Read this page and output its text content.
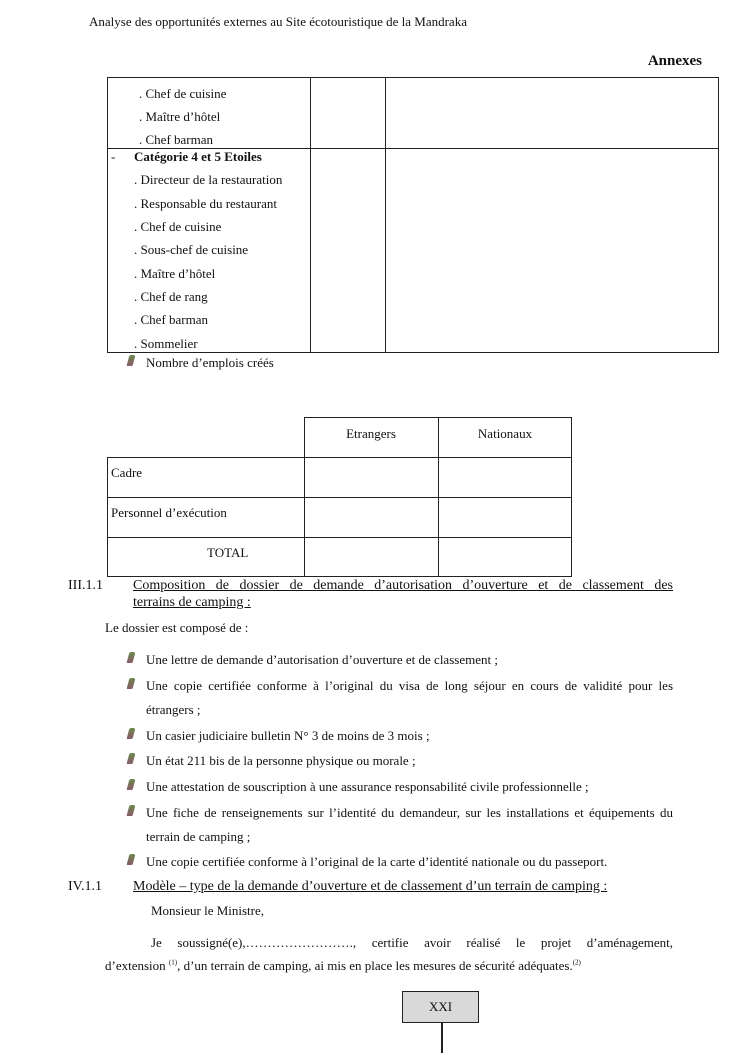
Analyse des opportunités externes au Site écotouristique de la Mandraka
Annexes
. Chef de cuisine
. Maître d’hôtel
. Chef barman
- Catégorie 4 et 5 Etoiles
. Directeur de la restauration
. Responsable du restaurant
. Chef de cuisine
. Sous-chef de cuisine
. Maître d’hôtel
. Chef de rang
. Chef barman
. Sommelier
Nombre d’emplois créés
Etrangers	Nationaux
Cadre
Personnel d’exécution
TOTAL
III.1.1 Composition de dossier de demande d’autorisation d’ouverture et de classement des
terrains de camping :
Le dossier est composé de :
Une lettre de demande d’autorisation d’ouverture et de classement ;
Une copie certifiée conforme à l’original du visa de long séjour en cours de validité pour les
étrangers ;
Un casier judiciaire bulletin N° 3 de moins de 3 mois ;
Un état 211 bis de la personne physique ou morale ;
Une attestation de souscription à une assurance responsabilité civile professionnelle ;
Une fiche de renseignements sur l’identité du demandeur, sur les installations et équipements du
terrain de camping ;
Une copie certifiée conforme à l’original de la carte d’identité nationale ou du passeport.
IV.1.1 Modèle – type de la demande d’ouverture et de classement d’un terrain de camping :
Monsieur le Ministre,
Je soussigné(e),……………………., certifie avoir réalisé le projet d’aménagement,
d’extension $^{(1)}$, d’un terrain de camping, ai mis en place les mesures de sécurité adéquates.$^{(2)}$
XXI
